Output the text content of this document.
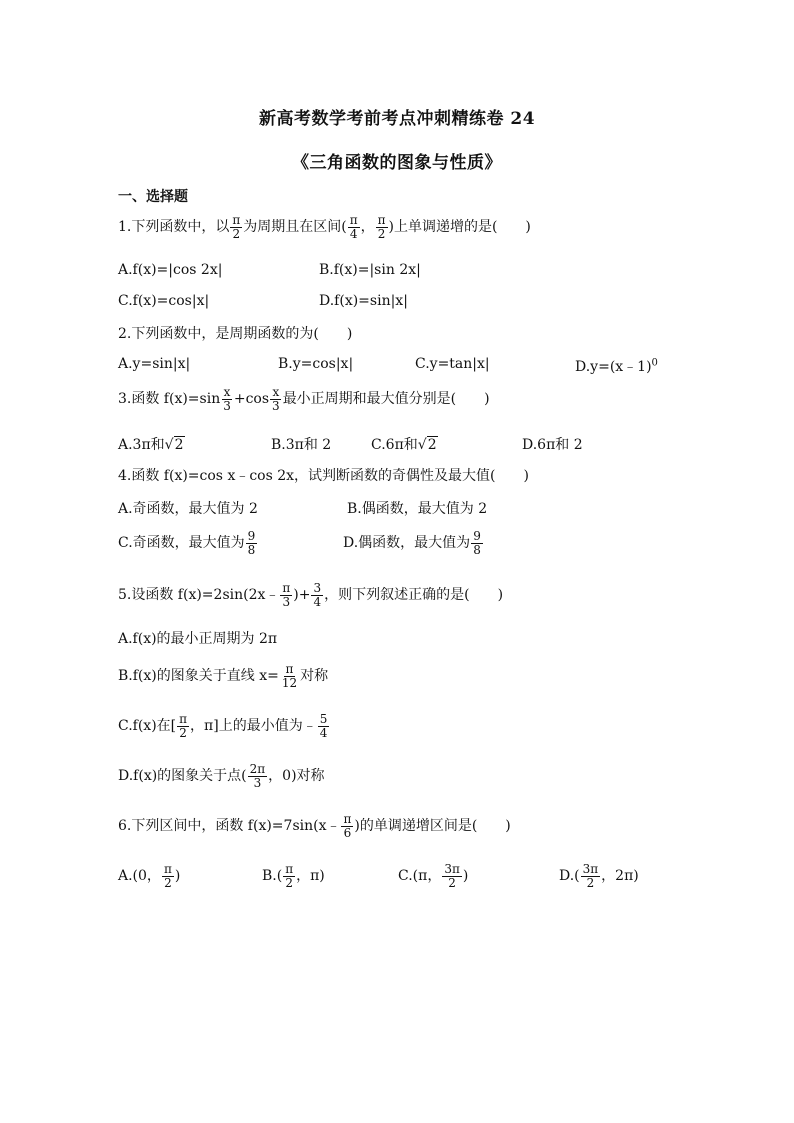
新高考数学考前考点冲刺精练卷 24
《三角函数的图象与性质》
一、选择题
1.下列函数中，以 $\frac{\pi}{2}$ 为周期且在区间( $\frac{\pi}{4}$ ， $\frac{\pi}{2}$ )上单调递增的是(　　)
A.f(x)=|cos 2x|	B.f(x)=|sin 2x|
C.f(x)=cos|x|	D.f(x)=sin|x|
2.下列函数中，是周期函数的为(　　)
A.y=sin|x|	B.y=cos|x|	C.y=tan|x|	D.y=(x﹣1)$^0$
3.函数 $f(x)=\sin \frac{x}{3} +\cos \frac{x}{3}$ 最小正周期和最大值分别是(　　)
A.3π和√2	B.3π和 2	C.6π和√2	D.6π和 2
4.函数 f(x)=cos x﹣cos 2x，试判断函数的奇偶性及最大值(　　)
A.奇函数，最大值为 2	B.偶函数，最大值为 2
C.奇函数，最大值为 $\frac{9}{8}$	D.偶函数，最大值为 $\frac{9}{8}$
5.设函数 f(x)=2sin(2x﹣ $\frac{\pi}{3}$ )+ $\frac{3}{4}$ ，则下列叙述正确的是(　　)
A.f(x)的最小正周期为 2π
B.f(x)的图象关于直线 $x= \frac{\pi}{12}$ 对称
C.f(x)在[ $\frac{\pi}{2}$ ，π]上的最小值为﹣ $\frac{5}{4}$
D.f(x)的图象关于点( $\frac{2\pi}{3}$ ，0)对称
6.下列区间中，函数 f(x)=7sin(x﹣ $\frac{\pi}{6}$ )的单调递增区间是(　　)
A.(0， $\frac{\pi}{2}$ )	$B.( \frac{\pi}{2}$ ，π)	C.(π， $\frac{3\pi}{2}$ )	$D.( \frac{3\pi}{2}$ ，2π)
